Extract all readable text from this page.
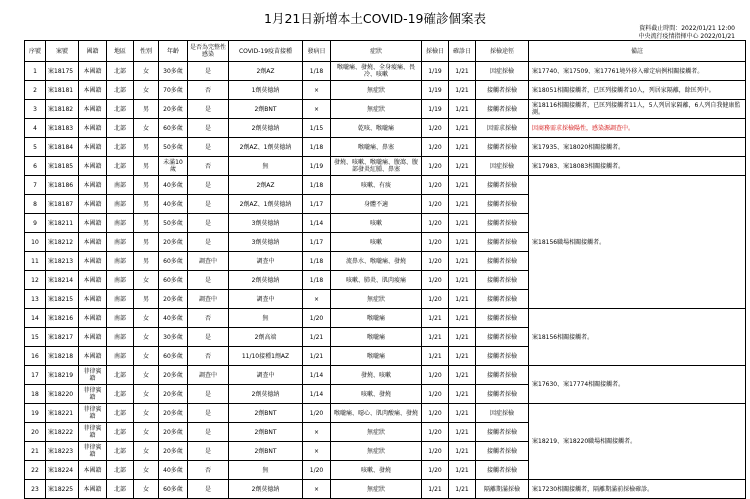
1月21日新增本土COVID-19確診個案表
資料截止時間：2022/01/21 12:00
中央流行疫情指揮中心 2022/01/21
序號	案號	國籍	地區	性別	年齡	是否為完整性感染	COVID-19疫苗接種	發病日	症狀	採檢日	確診日	採檢途徑	備註
1	案18175	本國籍	北部	女	30多歲	是	2劑AZ	1/18	喉嚨痛、發燒、全身痠痛、畏冷、咳嗽	1/19	1/21	因症採檢	案17740、案17509、案17761境外移入確定病例相關接觸者。
2	案18181	本國籍	北部	女	70多歲	否	1劑莫德納	×	無症狀	1/19	1/21	接觸者採檢	案18051相關接觸者，已匡列接觸者10人，列居家隔離，餘匡列中。
3	案18182	本國籍	北部	男	20多歲	是	2劑BNT	×	無症狀	1/19	1/21	接觸者採檢	案18116相關接觸者，已匡列接觸者11人，5人列居家隔離，6人列自我健康監測。
4	案18183	本國籍	北部	女	60多歲	是	2劑莫德納	1/15	乾咳、喉嚨痛	1/20	1/21	因需求採檢	因商務需求採檢陽性，感染源調查中。
5	案18184	本國籍	北部	男	50多歲	是	2劑AZ、1劑莫德納	1/18	喉嚨痛、鼻塞	1/20	1/21	接觸者採檢	案17935、案18020相關接觸者。
6	案18185	本國籍	北部	男	未滿10歲	否	無	1/19	發燒、咳嗽、喉嚨痛、腹瀉、腹部發炎紅腫、鼻塞	1/20	1/21	因症採檢	案17983、案18083相關接觸者。
7	案18186	本國籍	南部	男	40多歲	是	2劑AZ	1/18	咳嗽、有痰	1/20	1/21	接觸者採檢	案18156職場相關接觸者。
8	案18187	本國籍	南部	男	40多歲	是	2劑AZ、1劑莫德納	1/17	身體不適	1/20	1/21	接觸者採檢	
9	案18211	本國籍	南部	男	50多歲	是	3劑莫德納	1/14	咳嗽	1/20	1/21	接觸者採檢	
10	案18212	本國籍	南部	男	20多歲	是	3劑莫德納	1/17	咳嗽	1/20	1/21	接觸者採檢	
11	案18213	本國籍	南部	男	60多歲	調查中	調查中	1/18	流鼻水、喉嚨痛、發燒	1/20	1/21	接觸者採檢	
12	案18214	本國籍	南部	女	60多歲	是	2劑莫德納	1/18	咳嗽、肺炎、肌肉痠痛	1/20	1/21	接觸者採檢	
13	案18215	本國籍	南部	男	20多歲	調查中	調查中	×	無症狀	1/20	1/21	接觸者採檢	
14	案18216	本國籍	南部	女	40多歲	否	無	1/20	喉嚨痛	1/21	1/21	接觸者採檢	案18156相關接觸者。
15	案18217	本國籍	南部	女	30多歲	是	2劑高端	1/21	喉嚨痛	1/21	1/21	接觸者採檢	
16	案18218	本國籍	南部	女	60多歲	否	11/10接種1劑AZ	1/21	喉嚨痛	1/21	1/21	接觸者採檢	
17	案18219	菲律賓籍	北部	女	20多歲	調查中	調查中	1/14	發燒、咳嗽	1/20	1/21	接觸者採檢	案17630、案17774相關接觸者。
18	案18220	菲律賓籍	北部	女	20多歲	是	2劑莫德納	1/14	咳嗽、發燒	1/20	1/21	接觸者採檢	
19	案18221	菲律賓籍	北部	女	20多歲	是	2劑BNT	1/20	喉嚨痛、噁心、肌肉酸痛、發燒	1/20	1/21	因症採檢	案18219、案18220職場相關接觸者。
20	案18222	菲律賓籍	北部	女	20多歲	是	2劑BNT	×	無症狀	1/20	1/21	接觸者採檢	
21	案18223	菲律賓籍	北部	女	20多歲	是	2劑BNT	×	無症狀	1/20	1/21	接觸者採檢	
22	案18224	本國籍	北部	女	40多歲	否	無	1/20	咳嗽、發燒	1/20	1/21	接觸者採檢	
23	案18225	本國籍	北部	女	60多歲	是	2劑莫德納	×	無症狀	1/21	1/21	隔離期滿採檢	案17230相關接觸者，隔離期滿前採檢確診。
